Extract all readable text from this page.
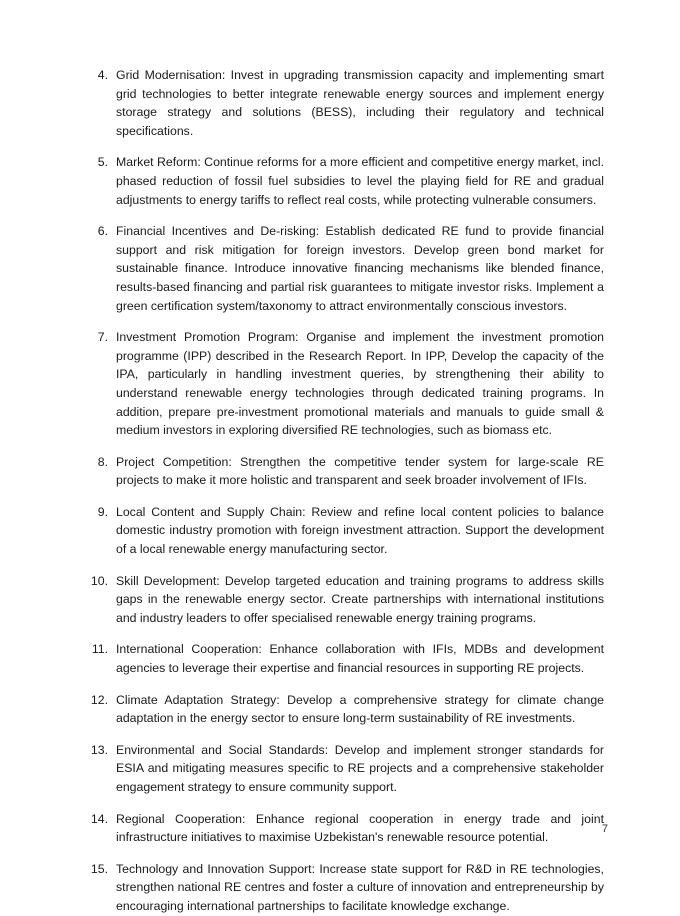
4. Grid Modernisation: Invest in upgrading transmission capacity and implementing smart grid technologies to better integrate renewable energy sources and implement energy storage strategy and solutions (BESS), including their regulatory and technical specifications.
5. Market Reform: Continue reforms for a more efficient and competitive energy market, incl. phased reduction of fossil fuel subsidies to level the playing field for RE and gradual adjustments to energy tariffs to reflect real costs, while protecting vulnerable consumers.
6. Financial Incentives and De-risking: Establish dedicated RE fund to provide financial support and risk mitigation for foreign investors. Develop green bond market for sustainable finance. Introduce innovative financing mechanisms like blended finance, results-based financing and partial risk guarantees to mitigate investor risks. Implement a green certification system/taxonomy to attract environmentally conscious investors.
7. Investment Promotion Program: Organise and implement the investment promotion programme (IPP) described in the Research Report. In IPP, Develop the capacity of the IPA, particularly in handling investment queries, by strengthening their ability to understand renewable energy technologies through dedicated training programs. In addition, prepare pre-investment promotional materials and manuals to guide small & medium investors in exploring diversified RE technologies, such as biomass etc.
8. Project Competition: Strengthen the competitive tender system for large-scale RE projects to make it more holistic and transparent and seek broader involvement of IFIs.
9. Local Content and Supply Chain: Review and refine local content policies to balance domestic industry promotion with foreign investment attraction. Support the development of a local renewable energy manufacturing sector.
10. Skill Development: Develop targeted education and training programs to address skills gaps in the renewable energy sector. Create partnerships with international institutions and industry leaders to offer specialised renewable energy training programs.
11. International Cooperation: Enhance collaboration with IFIs, MDBs and development agencies to leverage their expertise and financial resources in supporting RE projects.
12. Climate Adaptation Strategy: Develop a comprehensive strategy for climate change adaptation in the energy sector to ensure long-term sustainability of RE investments.
13. Environmental and Social Standards: Develop and implement stronger standards for ESIA and mitigating measures specific to RE projects and a comprehensive stakeholder engagement strategy to ensure community support.
14. Regional Cooperation: Enhance regional cooperation in energy trade and joint infrastructure initiatives to maximise Uzbekistan's renewable resource potential.
15. Technology and Innovation Support: Increase state support for R&D in RE technologies, strengthen national RE centres and foster a culture of innovation and entrepreneurship by encouraging international partnerships to facilitate knowledge exchange.
7
